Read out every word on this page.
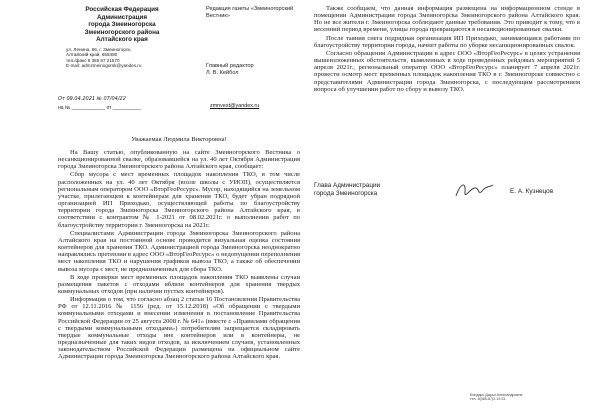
Российская Федерация
Администрация
города Змеиногорска
Змеиногорского района
Алтайского края
ул. Ленина, 66, г. Змеиногорск,
Алтайский край, 658480
тел./факс 8 385 87 21570
E-mail: admzmeinogorsk@yandex.ru
От 09.04.2021 № 07/04/22
на № ____________ от __________
Редакция газеты «Змеиногорский Вестник»
Главный редактор
Л. В. Кейбол
zmnvest@yandex.ru
Уважаемая Людмила Викторовна!

На Вашу статью, опубликованную на сайте Змеиногорского Вестника о несанкционированной свалке, образовавшейся на ул. 40 лет Октября Администрация города Змеиногорска Змеиногорского района Алтайского края, сообщает:

Сбор мусора с мест временных площадок накопления ТКО, в том числе расположенных на ул. 40 лет Октября (возле школы с УИОП), осуществляется региональным оператором ООО «ВторГеоРесурс». Мусор, находящийся на земельном участке, прилегающем к контейнерам для хранения ТКО, будет убран подрядной организацией ИП Приходько, осуществляющей работы по благоустройству территории города Змеиногорска Змеиногорского района Алтайского края, в соответствии с контрактом № 1-2021 от 08.02.2021г. о выполнении работ по благоустройству территории г. Змеиногорска на 2021г.

Специалистами Администрации города Змеиногорска Змеиногорского района Алтайского края на постоянной основе проводится визуальная оценка состояния контейнеров для хранения ТКО. Администрацией города Змеиногорска неоднократно направлялись претензии в адрес ООО «ВторГеоРесурс» о недопущении переполнения мест накопления ТКО и нарушения графиков вывоза ТКО, а также об обеспечении вывоза мусора с мест, не предназначенных для сбора ТКО.

В ходе проверки мест временных площадок накопления ТКО выявлены случаи размещения пакетов с отходами вблизи контейнеров для хранения твердых коммунальных отходов (при наличии пустых контейнеров).

Информация о том, что согласно абзац 2 статьи 16 Постановления Правительства РФ от 12.11.2016 № 1156 (ред. от 15.12.2018) «Об обращении с твердыми коммунальными отходами и внесении изменения в постановление Правительства Российской Федерации от 25 августа 2008 г. № 641» (вместе с «Правилами обращения с твердыми коммунальными отходами») потребителям запрещается складировать твердые коммунальные отходы вне контейнеров или в контейнеры, не предназначенные для таких видов отходов, за исключением случаев, установленных законодательством Российской Федерации размещена на официальном сайте Администрации города Змеиногорска Змеиногорского района Алтайского края.

Также сообщаем, что данная информация размещена на информационном стенде в помещении Администрации города Змеиногорска Змеиногорского района Алтайского края. Но не все жители г. Змеиногорска соблюдают данные требования. Это приводит к тому, что в весенний период времени, улицы города превращаются в несанкционированные свалки.

После таяния снега подрядная организация ИП Приходько, занимающаяся работами по благоустройству территории города, начнет работы по уборке несанкционированных свалок.

Согласно обращения Администрации в адрес ООО «ВторГеоРесурс» в целях устранения вышеизложенных обстоятельств, выявленных в ходе проведенных рейдовых мероприятий 5 апреля 2021г., региональный оператор ООО «ВторГеоРесурс» планирует 7 апреля 2021г. провести осмотр мест временных площадок накопления ТКО в г. Змеиногорске совместно с представителями Администрации города Змеиногорска, с последующим рассмотрением вопроса об улучшении работ по сбору и вывозу ТКО.

Глава Администрации
города Змеиногорска	Е. А. Кузнецов
Бондарь Дарья Александровна
тел. 8(385-87)2-19-51
